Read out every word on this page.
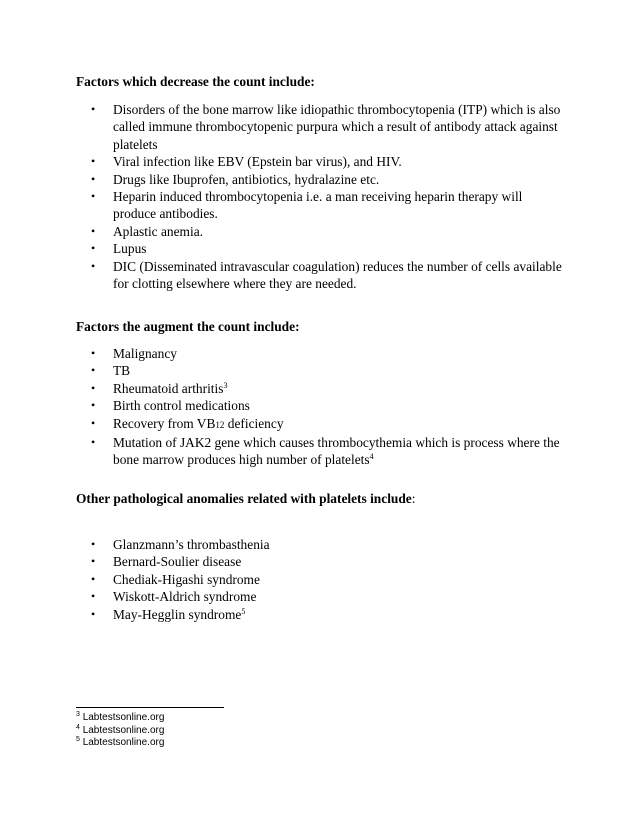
Factors which decrease the count include:
• Disorders of the bone marrow like idiopathic thrombocytopenia (ITP) which is also called immune thrombocytopenic purpura which a result of antibody attack against platelets
• Viral infection like EBV (Epstein bar virus), and HIV.
• Drugs like Ibuprofen, antibiotics, hydralazine etc.
• Heparin induced thrombocytopenia i.e. a man receiving heparin therapy will produce antibodies.
• Aplastic anemia.
• Lupus
• DIC (Disseminated intravascular coagulation) reduces the number of cells available for clotting elsewhere where they are needed.
Factors the augment the count include:
• Malignancy
• TB
• Rheumatoid arthritis$^3$
• Birth control medications
• Recovery from VB12 deficiency
• Mutation of JAK2 gene which causes thrombocythemia which is process where the bone marrow produces high number of platelets$^4$
Other pathological anomalies related with platelets include:
• Glanzmann’s thrombasthenia
• Bernard-Soulier disease
• Chediak-Higashi syndrome
• Wiskott-Aldrich syndrome
• May-Hegglin syndrome$^5$
$^3$ Labtestsonline.org
$^4$ Labtestsonline.org
$^5$ Labtestsonline.org
